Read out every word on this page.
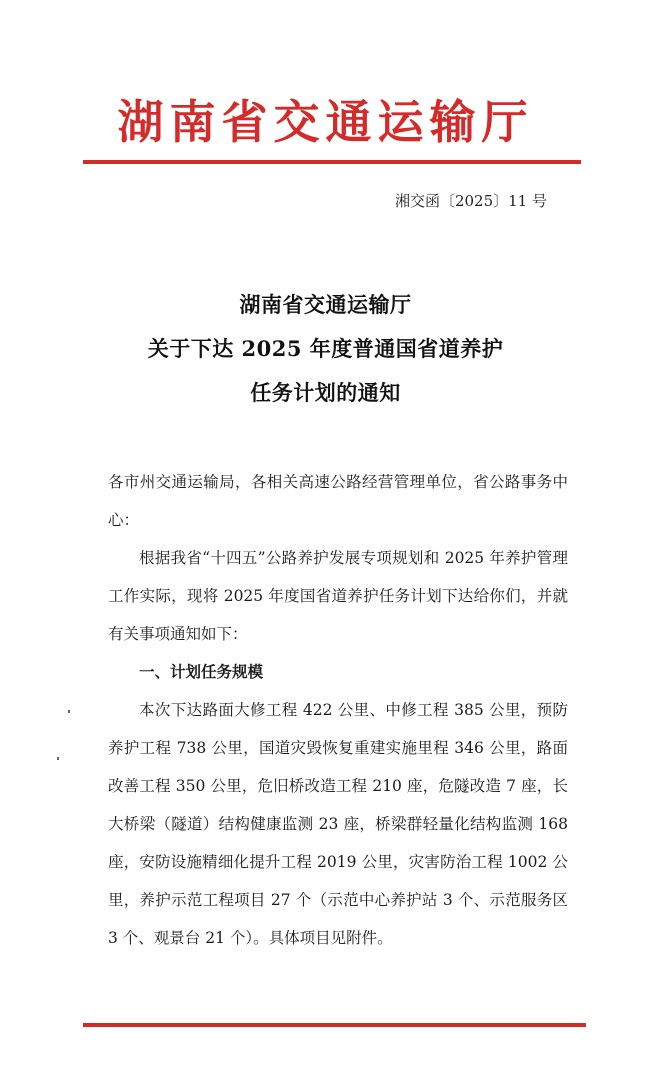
湖南省交通运输厅
湘交函〔2025〕11 号
湖南省交通运输厅
关于下达 2025 年度普通国省道养护
任务计划的通知

各市州交通运输局，各相关高速公路经营管理单位，省公路事务中心：

根据我省“十四五”公路养护发展专项规划和 2025 年养护管理工作实际，现将 2025 年度国省道养护任务计划下达给你们，并就有关事项通知如下：

一、计划任务规模

本次下达路面大修工程 422 公里、中修工程 385 公里，预防养护工程 738 公里，国道灾毁恢复重建实施里程 346 公里，路面改善工程 350 公里，危旧桥改造工程 210 座，危隧改造 7 座，长大桥梁（隧道）结构健康监测 23 座，桥梁群轻量化结构监测 168 座，安防设施精细化提升工程 2019 公里，灾害防治工程 1002 公里，养护示范工程项目 27 个（示范中心养护站 3 个、示范服务区 3 个、观景台 21 个）。具体项目见附件。
